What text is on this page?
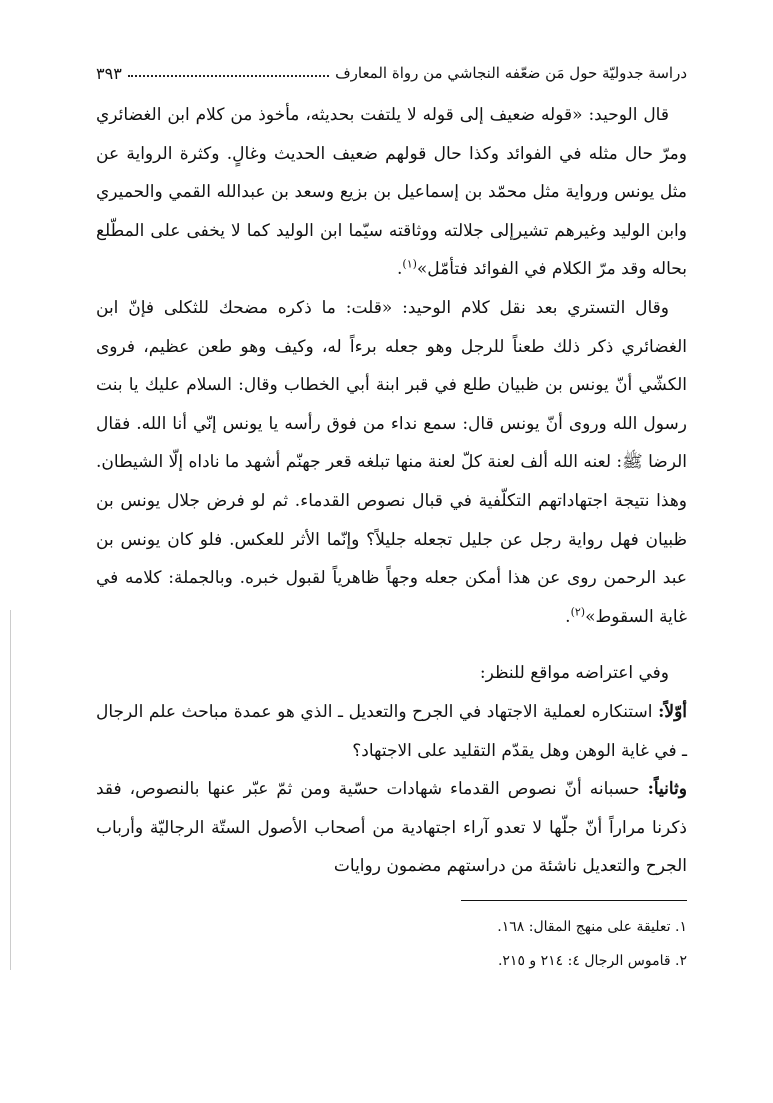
دراسة جدوليّة حول مَن ضعّفه النجاشي من رواة المعارف
٣٩٣

قال الوحيد: «قوله ضعيف إلى قوله لا يلتفت بحديثه، مأخوذ من كلام ابن الغضائري ومرّ حال مثله في الفوائد وكذا حال قولهم ضعيف الحديث وغالٍ. وكثرة الرواية عن مثل يونس ورواية مثل محمّد بن إسماعيل بن بزيع وسعد بن عبدالله القمي والحميري وابن الوليد وغيرهم تشيرإلى جلالته ووثاقته سيّما ابن الوليد كما لا يخفى على المطّلع بحاله وقد مرّ الكلام في الفوائد فتأمّل»$^{(١)}$.

وقال التستري بعد نقل كلام الوحيد: «قلت: ما ذكره مضحك للثكلى فإنّ ابن الغضائري ذكر ذلك طعناً للرجل وهو جعله برءاً له، وكيف وهو طعن عظيم، فروى الكشّي أنّ يونس بن ظبيان طلع في قبر ابنة أبي الخطاب وقال: السلام عليك يا بنت رسول الله وروى أنّ يونس قال: سمع نداء من فوق رأسه يا يونس إنّي أنا الله. فقال الرضا ﷺ: لعنه الله ألف لعنة كلّ لعنة منها تبلغه قعر جهنّم أشهد ما ناداه إلّا الشيطان. وهذا نتيجة اجتهاداتهم التكلّفية في قبال نصوص القدماء. ثم لو فرض جلال يونس بن ظبيان فهل رواية رجل عن جليل تجعله جليلاً؟ وإنّما الأثر للعكس. فلو كان يونس بن عبد الرحمن روى عن هذا أمكن جعله وجهاً ظاهرياً لقبول خبره. وبالجملة: كلامه في غاية السقوط»$^{(٢)}$.

وفي اعتراضه مواقع للنظر:

أوّلاً: استنكاره لعملية الاجتهاد في الجرح والتعديل ـ الذي هو عمدة مباحث علم الرجال ـ في غاية الوهن وهل يقدّم التقليد على الاجتهاد؟

وثانياً: حسبانه أنّ نصوص القدماء شهادات حسّية ومن ثمّ عبّر عنها بالنصوص، فقد ذكرنا مراراً أنّ جلّها لا تعدو آراء اجتهادية من أصحاب الأصول الستّة الرجاليّة وأرباب الجرح والتعديل ناشئة من دراستهم مضمون روايات

١. تعليقة على منهج المقال: ١٦٨.
٢. قاموس الرجال ٤: ٢١٤ و ٢١٥.
